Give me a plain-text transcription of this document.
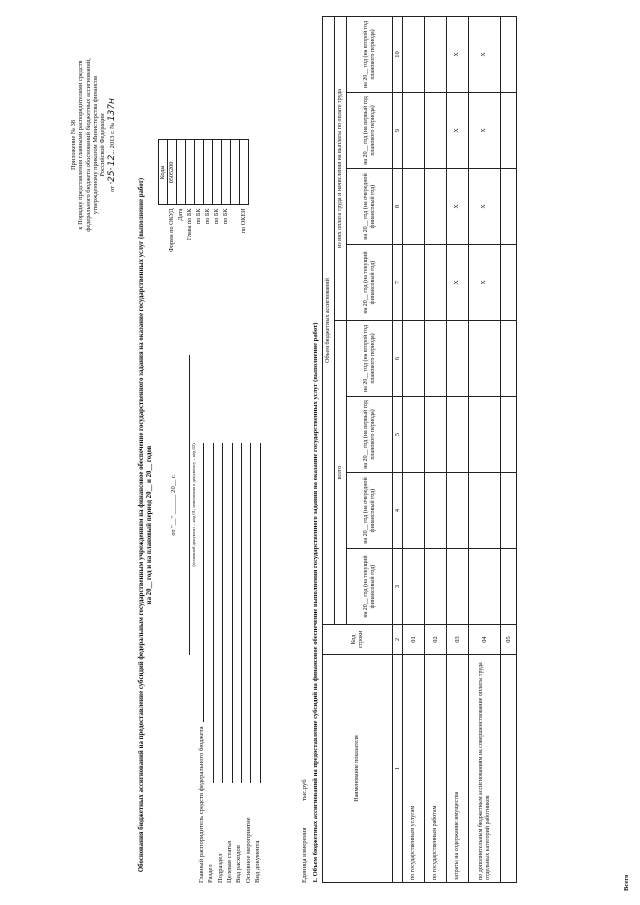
Приложение № 38 к Порядку представления главными распорядителями средств федерального бюджета обоснований бюджетных ассигнований, утвержденному приказом Министерства финансов Российской Федерации
от "25" 12... 2013 г. № 137н
Обоснования бюджетных ассигнований на предоставление субсидий федеральным государственным учреждениям на финансовое обеспечение государственного задания на оказание государственных услуг (выполнение работ) на 20__ год и на плановый период 20__ и 20__ годов	от "__" ______ 20__ г.	(основной документ – код 01; изменения к документу – код 02)
	Коды
Форма по ОКУД	0505200
Дата	
Глава по БК	
по БК	
по БК	
по БК	
по БК	

по ОКЕИ	
Главный распорядитель средств федерального бюджета Раздел Подраздел Целевая статья Вид расходов Основное мероприятие Вид документа	Единица измерения                тыс.руб 1. Объем бюджетных ассигнований на предоставление субсидий на финансовое обеспечение выполнения государственного задания на оказание государственных услуг (выполнение работ)	Наименование показателя	Код строки	Объем бюджетных ассигнований							
		всего				из них оплата труда и начисления на выплаты по оплате труда			
		на 20__ год (на текущий финансовый год)	на 20__ год (на очередной финансовый год)	на 20__ год (на первый год планового периода)	на 20__ год (на второй год планового периода)	на 20__ год (на текущий финансовый год)	на 20__ год (на очередной финансовый год)	на 20__ год (на первый год планового периода)	на 20__ год (на второй год планового периода)
1	2	3	4	5	6	7	8	9	10
по государственным услугам	01								
по государственным работам	02								
затраты на содержание имущества	03					X	X	X	X
по дополнительным бюджетным ассигнованиям на совершенствование оплаты труда отдельных категорий работников	04					X	X	X	X
	05								
Всего
